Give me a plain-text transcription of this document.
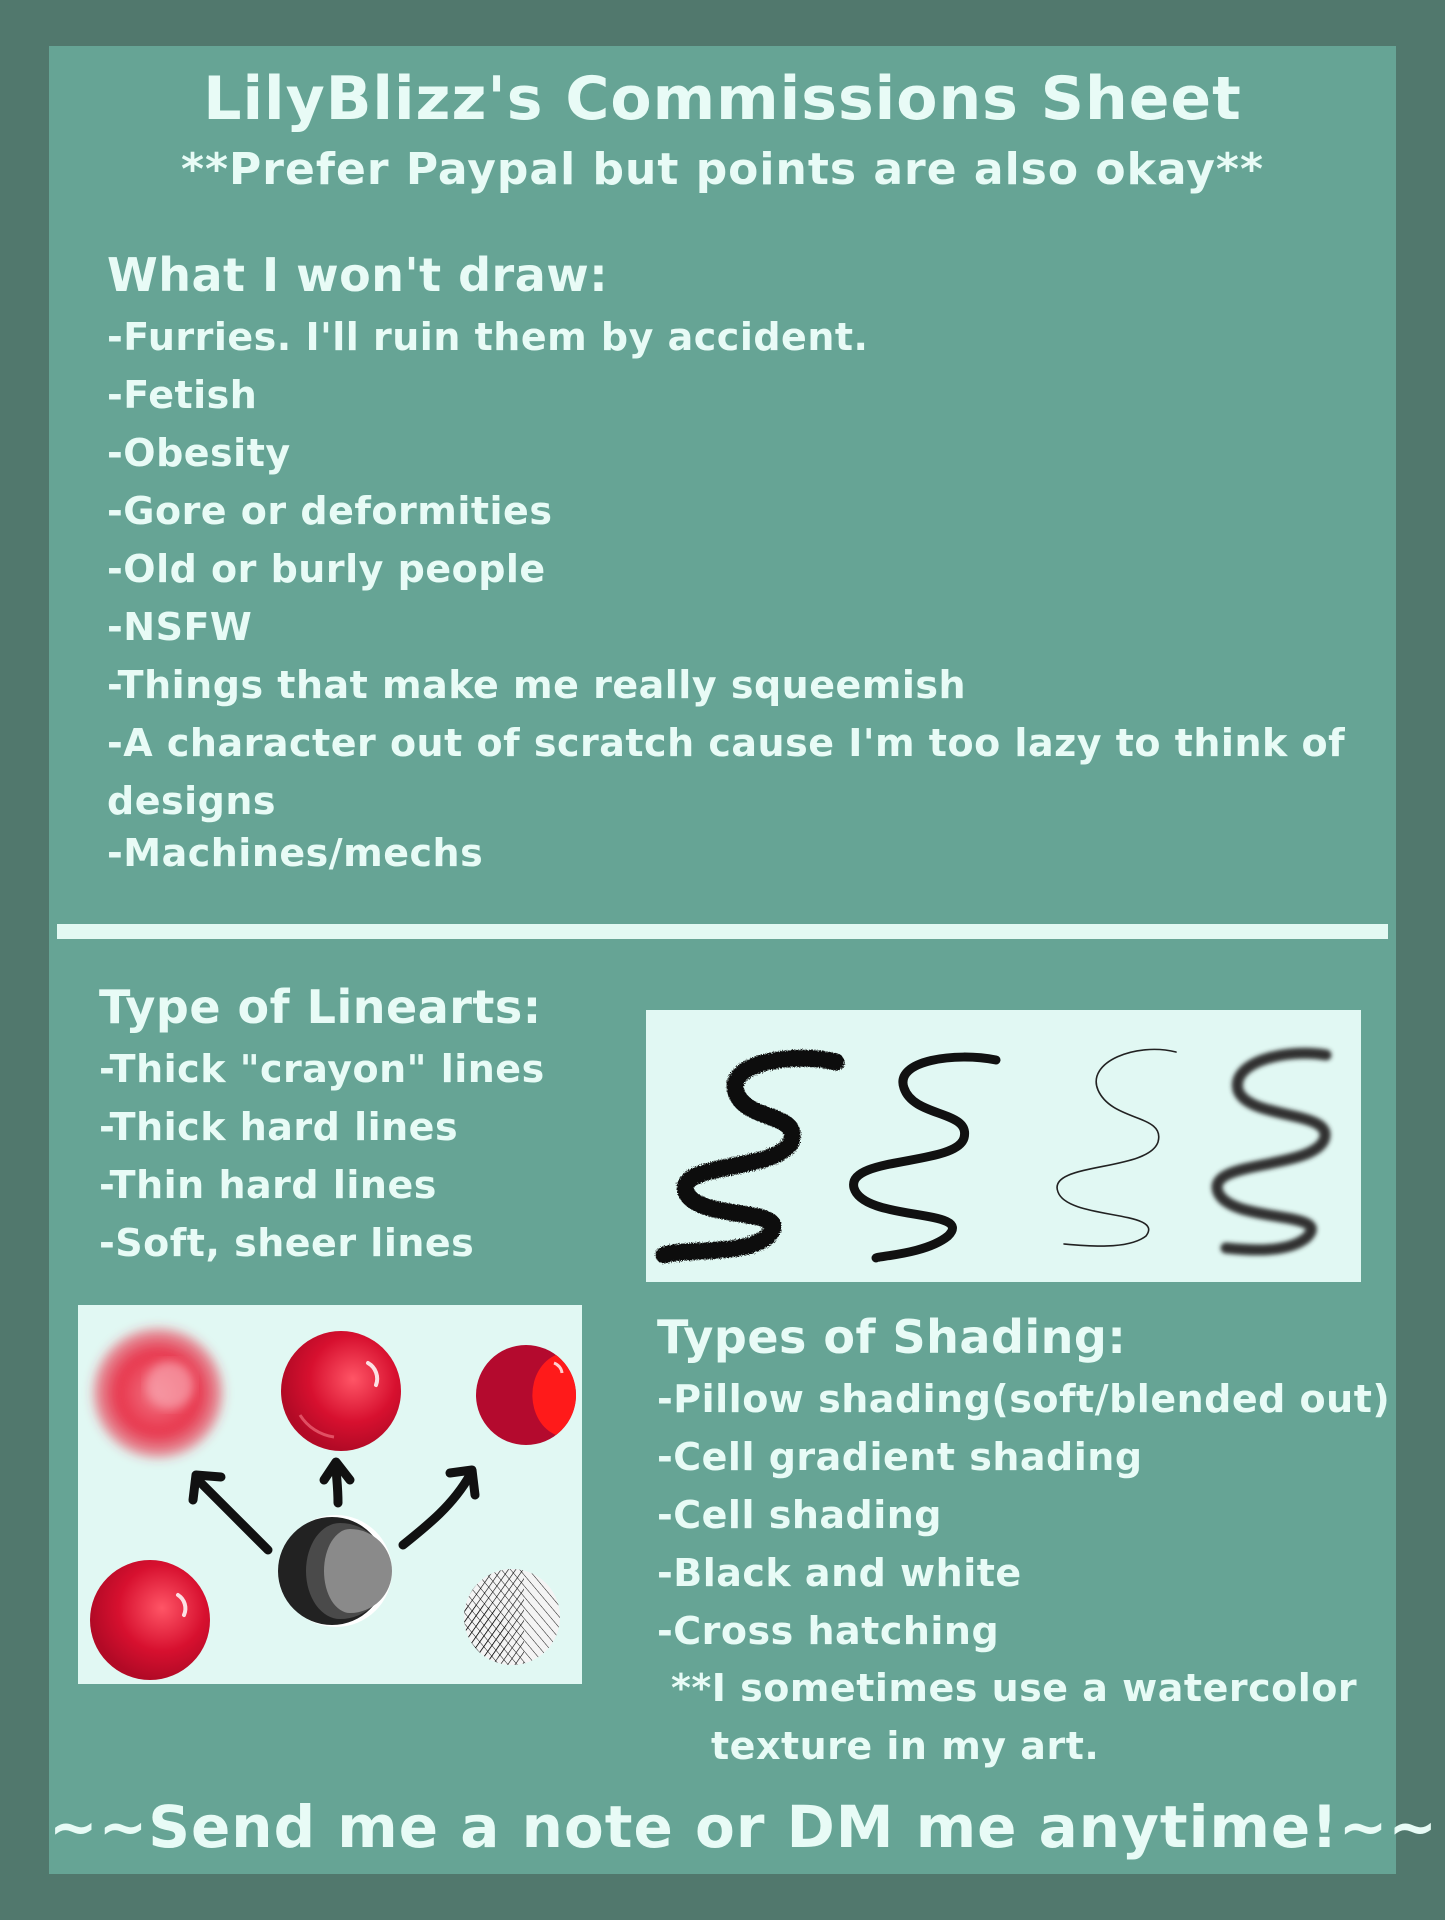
LilyBlizz's Commissions Sheet
**Prefer Paypal but points are also okay**
What I won't draw:
-Furries. I'll ruin them by accident.
-Fetish
-Obesity
-Gore or deformities
-Old or burly people
-NSFW
-Things that make me really squeemish
-A character out of scratch cause I'm too lazy to think of designs
-Machines/mechs
Type of Linearts:
-Thick "crayon" lines
-Thick hard lines
-Thin hard lines
-Soft, sheer lines
Types of Shading:
-Pillow shading(soft/blended out)
-Cell gradient shading
-Cell shading
-Black and white
-Cross hatching

**I sometimes use a watercolor

texture in my art.

~~Send me a note or DM me anytime!~~
